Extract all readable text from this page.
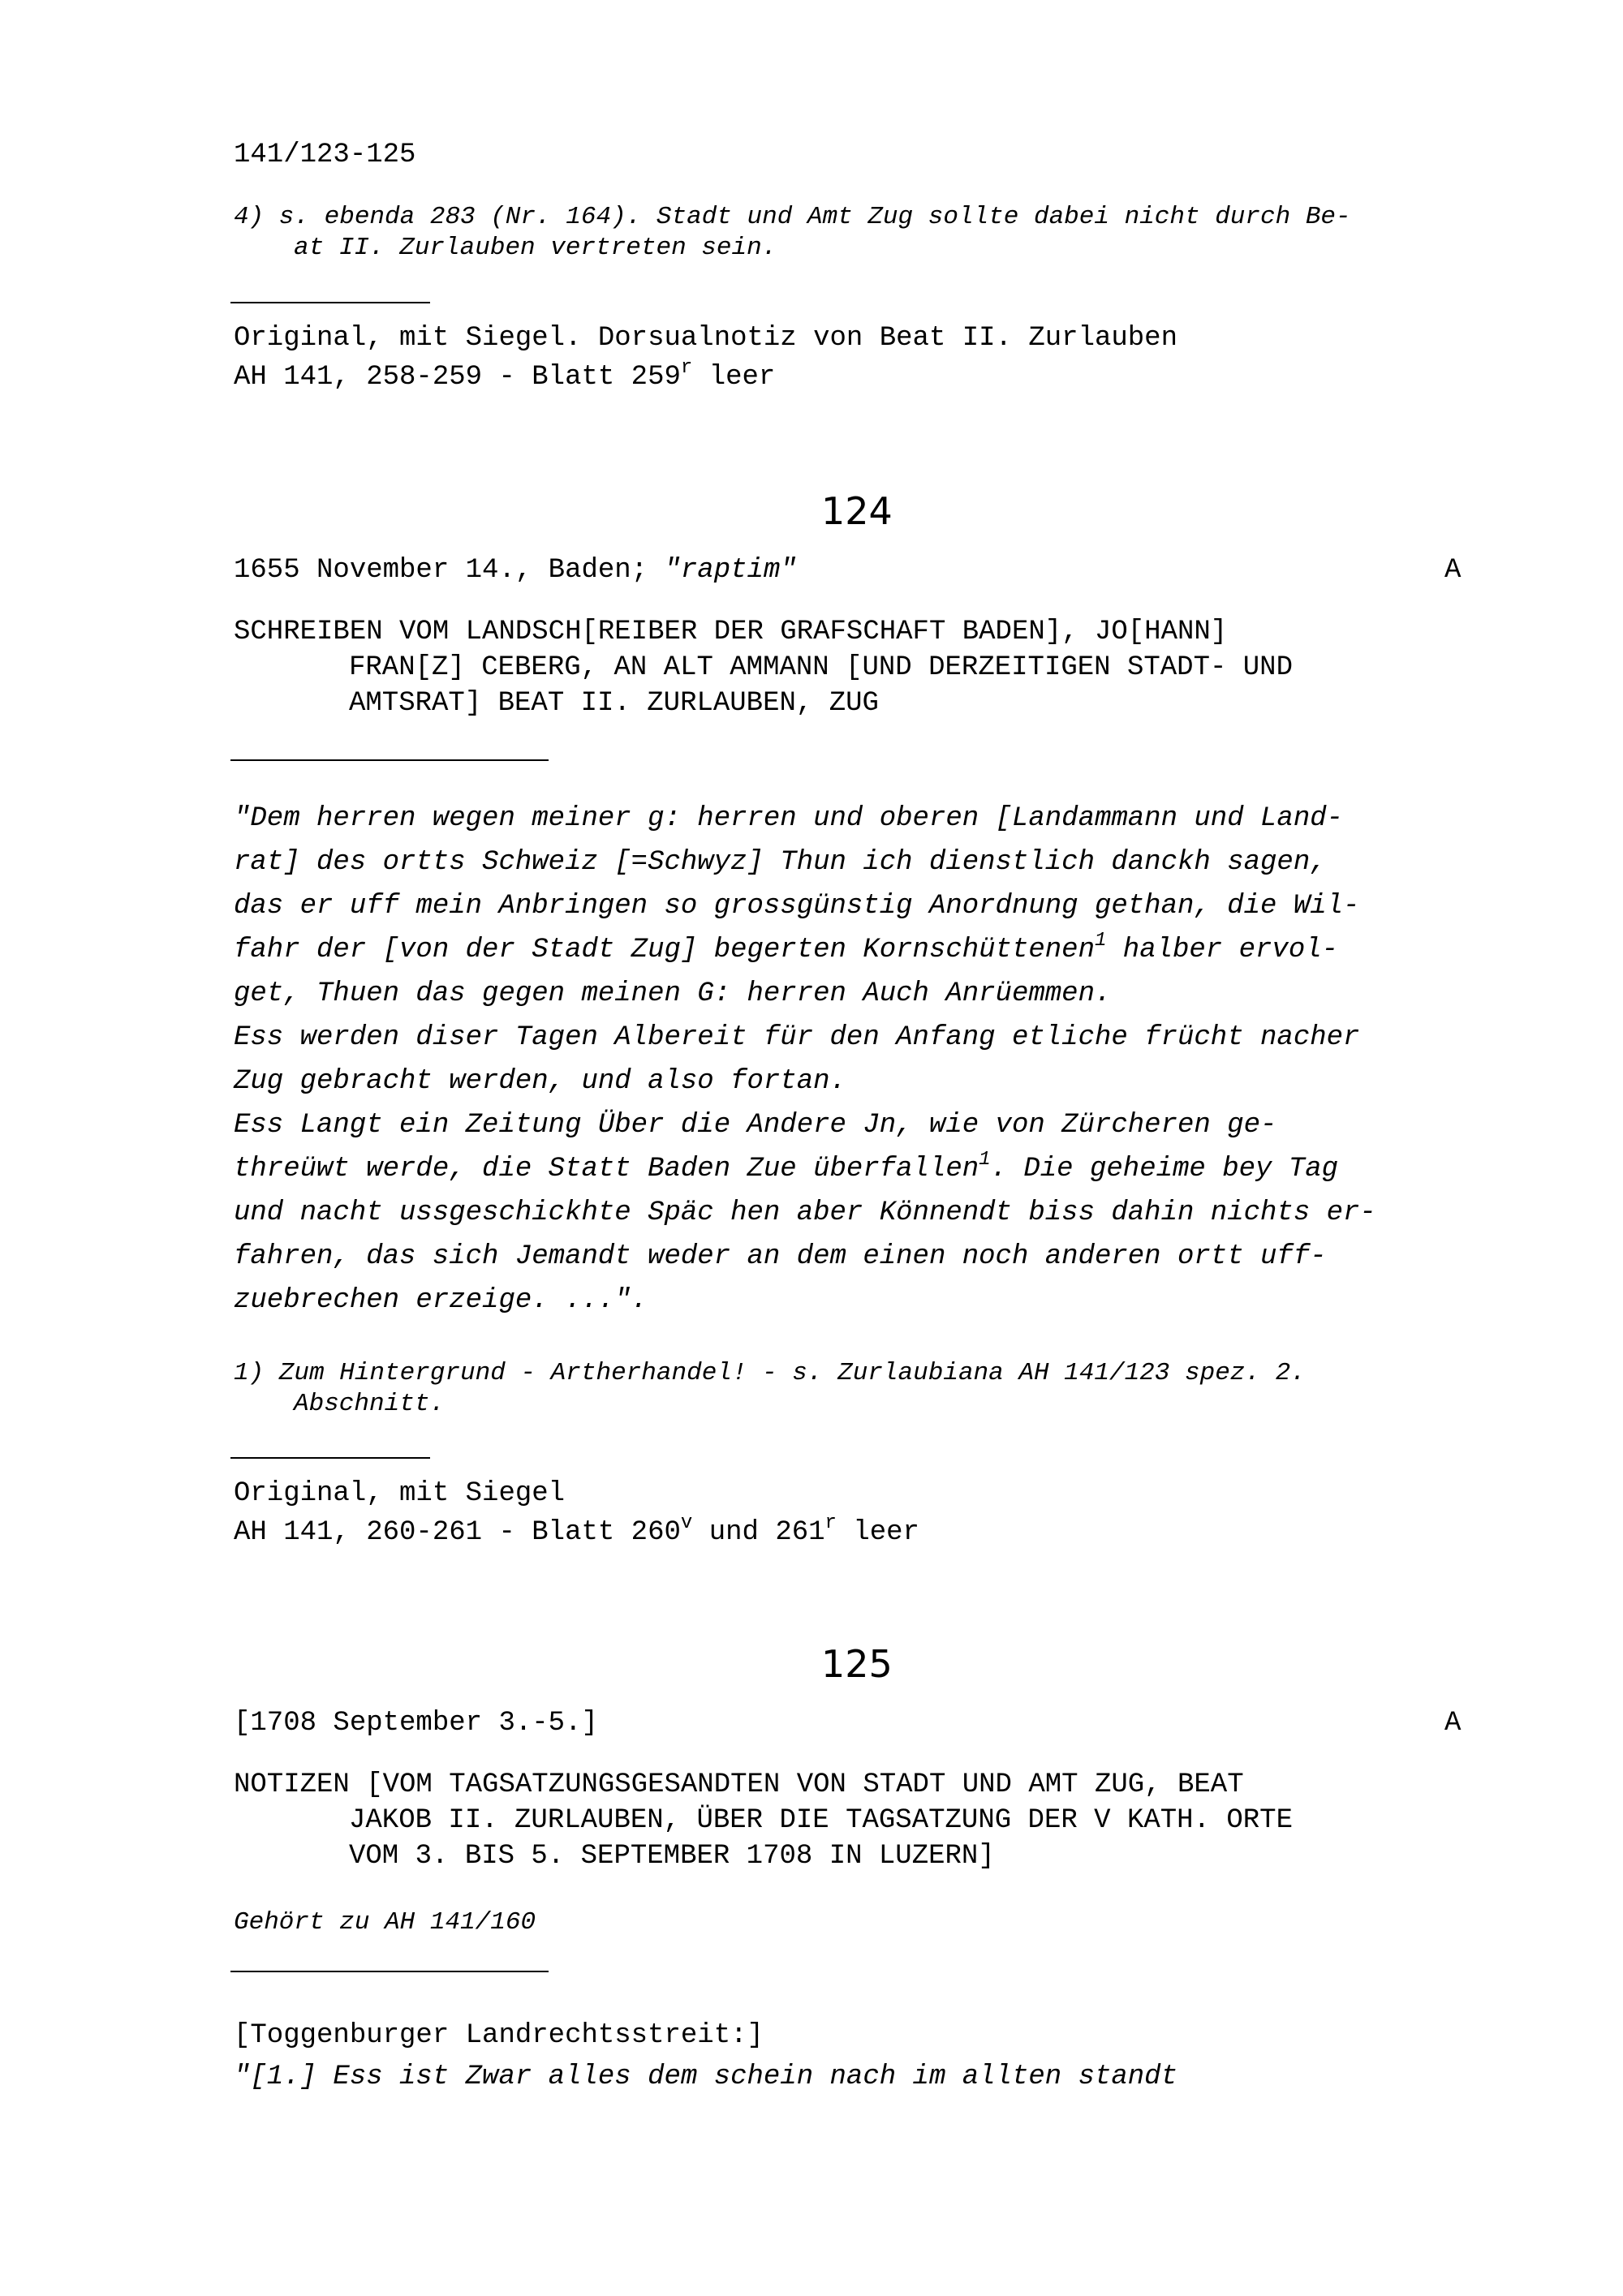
141/123-125
4) s. ebenda 283 (Nr. 164). Stadt und Amt Zug sollte dabei nicht durch Be-
at II. Zurlauben vertreten sein.
Original, mit Siegel. Dorsualnotiz von Beat II. Zurlauben
AH 141, 258-259 - Blatt 259$^r$ leer
124
1655 November 14., Baden; "raptim"	A
SCHREIBEN VOM LANDSCH[REIBER DER GRAFSCHAFT BADEN], JO[HANN]
FRAN[Z] CEBERG, AN ALT AMMANN [UND DERZEITIGEN STADT- UND
AMTSRAT] BEAT II. ZURLAUBEN, ZUG
"Dem herren wegen meiner g: herren und oberen [Landammann und Land-
rat] des ortts Schweiz [=Schwyz] Thun ich dienstlich danckh sagen,
das er uff mein Anbringen so grossgünstig Anordnung gethan, die Wil-
fahr der [von der Stadt Zug] begerten Kornschüttenen$^1$ halber ervol-
get, Thuen das gegen meinen G: herren Auch Anrüemmen.
Ess werden diser Tagen Albereit für den Anfang etliche frücht nacher
Zug gebracht werden, und also fortan.
Ess Langt ein Zeitung Über die Andere Jn, wie von Zürcheren ge-
threüwt werde, die Statt Baden Zue überfallen$^1$. Die geheime bey Tag
und nacht ussgeschickhte Späc hen aber Könnendt biss dahin nichts er-
fahren, das sich Jemandt weder an dem einen noch anderen ortt uff-
zuebrechen erzeige. ...".
1) Zum Hintergrund - Artherhandel! - s. Zurlaubiana AH 141/123 spez. 2.
Abschnitt.
Original, mit Siegel
AH 141, 260-261 - Blatt 260$^v$ und 261$^r$ leer
125
[1708 September 3.-5.]	A
NOTIZEN [VOM TAGSATZUNGSGESANDTEN VON STADT UND AMT ZUG, BEAT
JAKOB II. ZURLAUBEN, ÜBER DIE TAGSATZUNG DER V KATH. ORTE
VOM 3. BIS 5. SEPTEMBER 1708 IN LUZERN]
Gehört zu AH 141/160
[Toggenburger Landrechtsstreit:]
"[1.] Ess ist Zwar alles dem schein nach im allten standt
